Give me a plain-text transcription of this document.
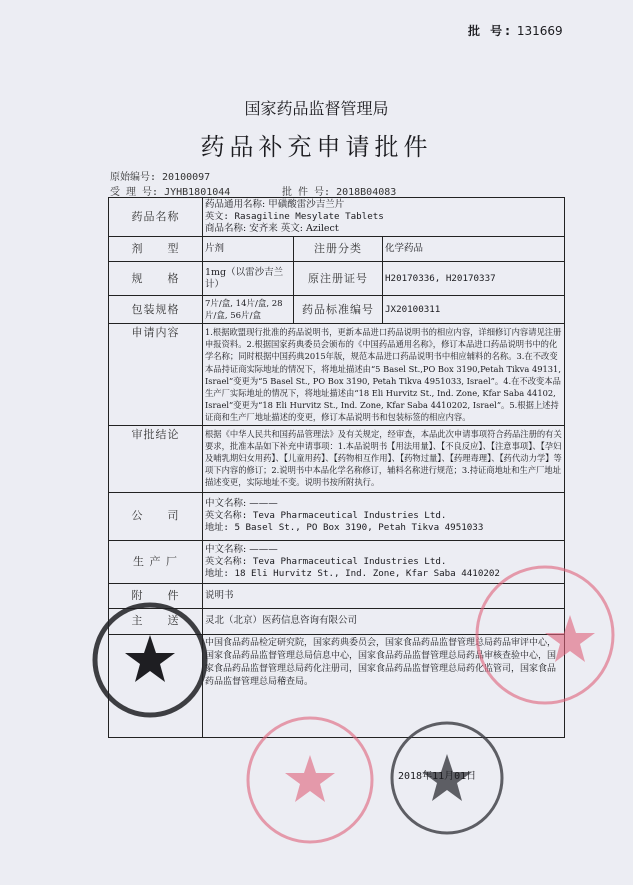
批 号: 131669
国家药品监督管理局
药品补充申请批件
原始编号: 20100097
受 理 号: JYHB1801044	批 件 号: 2018B04083
药品名称	药品通用名称: 甲磺酸雷沙吉兰片
英文: Rasagiline Mesylate Tablets
商品名称: 安齐来 英文: Azilect		

剂　　型	片剂	注册分类	化学药品
规　　格	1mg（以雷沙吉兰计）	原注册证号	H20170336, H20170337
包装规格	7片/盒, 14片/盒, 28片/盒, 56片/盒	药品标准编号	JX20100311
申请内容	1.根据欧盟现行批准的药品说明书，更新本品进口药品说明书的相应内容，详细修订内容请见注册申报资料。2.根据国家药典委员会颁布的《中国药品通用名称》，修订本品进口药品说明书中的化学名称；同时根据中国药典2015年版，规范本品进口药品说明书中相应辅料的名称。3.在不改变本品持证商实际地址的情况下，将地址描述由“5 Basel St.,PO Box 3190,Petah Tikva 49131, Israel”变更为“5 Basel St., PO Box 3190, Petah Tikva 4951033, Israel”。4.在不改变本品生产厂实际地址的情况下，将地址描述由“18 Eli Hurvitz St., Ind. Zone, Kfar Saba 44102, Israel”变更为“18 Eli Hurvitz St., Ind. Zone, Kfar Saba 4410202, Israel”。5.根据上述持证商和生产厂地址描述的变更，修订本品说明书和包装标签的相应内容。		
审批结论	根据《中华人民共和国药品管理法》及有关规定，经审查，本品此次申请事项符合药品注册的有关要求，批准本品如下补充申请事项：1.本品说明书【用法用量】、【不良反应】、【注意事项】、【孕妇及哺乳期妇女用药】、【儿童用药】、【药物相互作用】、【药物过量】、【药理毒理】、【药代动力学】等项下内容的修订；2.说明书中本品化学名称修订，辅料名称进行规范；3.持证商地址和生产厂地址描述变更，实际地址不变。说明书按所附执行。		
公　　司	中文名称: ———
英文名称: Teva Pharmaceutical Industries Ltd.
地址: 5 Basel St., PO Box 3190, Petah Tikva 4951033		

生 产 厂	中文名称: ———
英文名称: Teva Pharmaceutical Industries Ltd.
地址: 18 Eli Hurvitz St., Ind. Zone, Kfar Saba 4410202		

附　　件	说明书		
主　　送	灵北（北京）医药信息咨询有限公司		
	中国食品药品检定研究院，国家药典委员会，国家食品药品监督管理总局药品审评中心，国家食品药品监督管理总局信息中心，国家食品药品监督管理总局药品审核查验中心，国家食品药品监督管理总局药化注册司，国家食品药品监督管理总局药化监管司，国家食品药品监督管理总局稽查局。		
2018年11月01日
